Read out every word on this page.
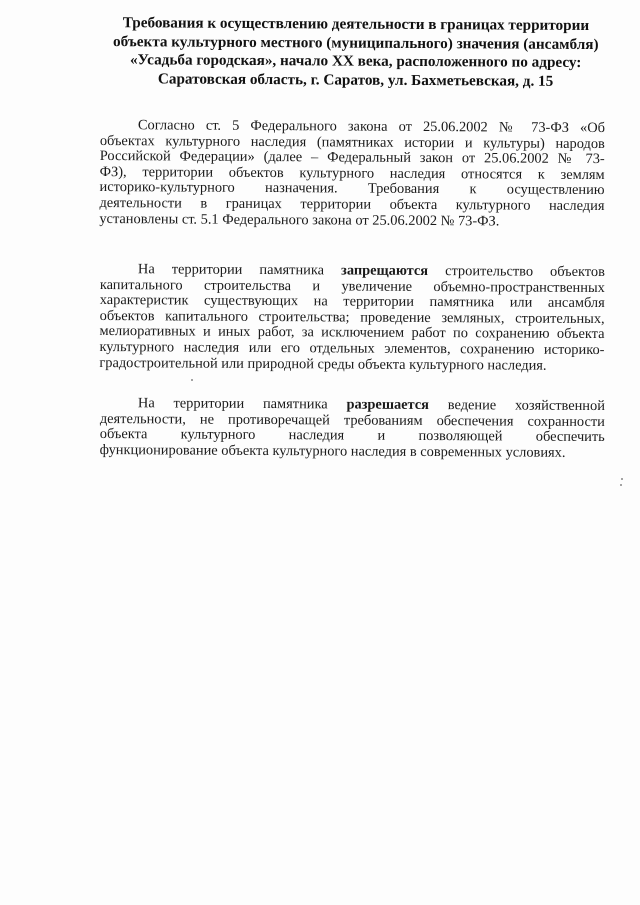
Требования к осуществлению деятельности в границах территории
объекта культурного местного (муниципального) значения (ансамбля)
«Усадьба городская», начало XX века, расположенного по адресу:
Саратовская область, г. Саратов, ул. Бахметьевская, д. 15
Согласно ст. 5 Федерального закона от 25.06.2002 № 73-ФЗ «Об
объектах культурного наследия (памятниках истории и культуры) народов
Российской Федерации» (далее – Федеральный закон от 25.06.2002 № 73-
ФЗ), территории объектов культурного наследия относятся к землям
историко-культурного назначения. Требования к осуществлению
деятельности в границах территории объекта культурного наследия
установлены ст. 5.1 Федерального закона от 25.06.2002 № 73-ФЗ.
На территории памятника запрещаются строительство объектов
капитального строительства и увеличение объемно-пространственных
характеристик существующих на территории памятника или ансамбля
объектов капитального строительства; проведение земляных, строительных,
мелиоративных и иных работ, за исключением работ по сохранению объекта
культурного наследия или его отдельных элементов, сохранению историко-
градостроительной или природной среды объекта культурного наследия.
На территории памятника разрешается ведение хозяйственной
деятельности, не противоречащей требованиям обеспечения сохранности
объекта культурного наследия и позволяющей обеспечить
функционирование объекта культурного наследия в современных условиях.
